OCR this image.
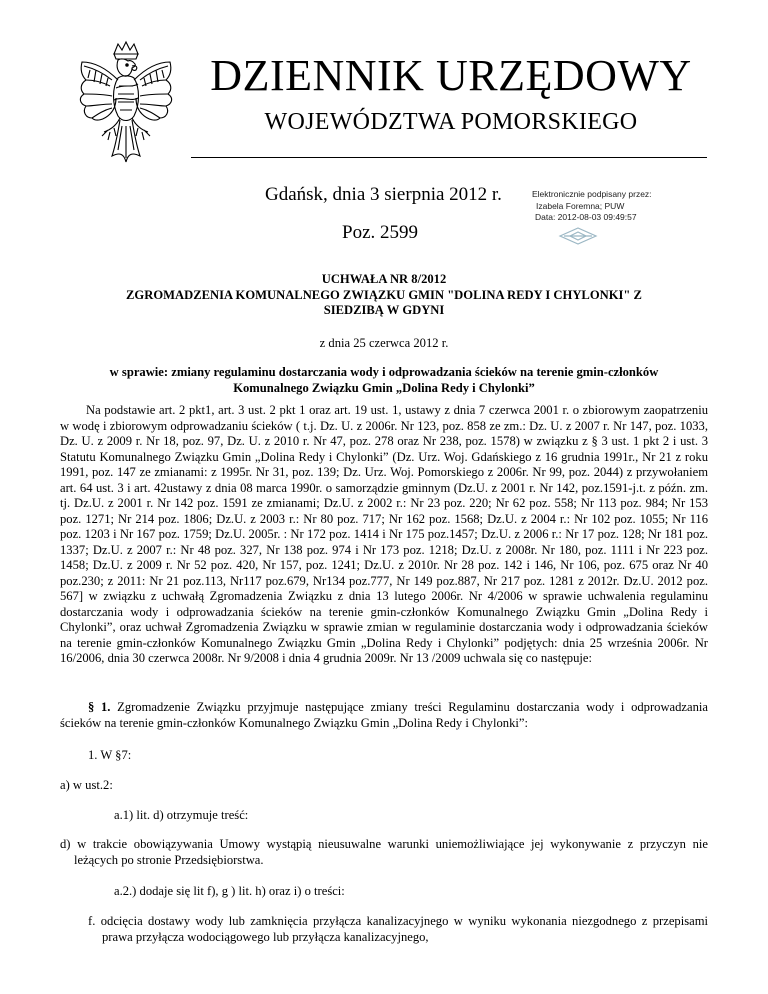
DZIENNIK URZĘDOWY
WOJEWÓDZTWA POMORSKIEGO
Gdańsk, dnia 3 sierpnia 2012 r.
Poz. 2599
Elektronicznie podpisany przez:
Izabela Foremna; PUW
Data: 2012-08-03 09:49:57
UCHWAŁA NR 8/2012
ZGROMADZENIA KOMUNALNEGO ZWIĄZKU GMIN "DOLINA REDY I CHYLONKI" Z
SIEDZIBĄ W GDYNI
z dnia 25 czerwca 2012 r.
w sprawie: zmiany regulaminu dostarczania wody i odprowadzania ścieków na terenie gmin-członków
Komunalnego Związku Gmin „Dolina Redy i Chylonki”
Na podstawie art. 2 pkt1, art. 3 ust. 2 pkt 1 oraz art. 19 ust. 1, ustawy z dnia 7 czerwca 2001 r. o zbiorowym zaopatrzeniu w wodę i zbiorowym odprowadzaniu ścieków ( t.j. Dz. U. z 2006r. Nr 123, poz. 858 ze zm.: Dz. U. z 2007 r. Nr 147, poz. 1033, Dz. U. z 2009 r. Nr 18, poz. 97, Dz. U. z 2010 r. Nr 47, poz. 278 oraz Nr 238, poz. 1578) w związku z § 3 ust. 1 pkt 2 i ust. 3 Statutu Komunalnego Związku Gmin „Dolina Redy i Chylonki” (Dz. Urz. Woj. Gdańskiego z 16 grudnia 1991r., Nr 21 z roku 1991, poz. 147 ze zmianami: z 1995r. Nr 31, poz. 139; Dz. Urz. Woj. Pomorskiego z 2006r. Nr 99, poz. 2044) z przywołaniem art. 64 ust. 3 i art. 42ustawy z dnia 08 marca 1990r. o samorządzie gminnym (Dz.U. z 2001 r. Nr 142, poz.1591-j.t. z późn. zm. tj. Dz.U. z 2001 r. Nr 142 poz. 1591 ze zmianami; Dz.U. z 2002 r.: Nr 23 poz. 220; Nr 62 poz. 558; Nr 113 poz. 984; Nr 153 poz. 1271; Nr 214 poz. 1806; Dz.U. z 2003 r.: Nr 80 poz. 717; Nr 162 poz. 1568; Dz.U. z 2004 r.: Nr 102 poz. 1055; Nr 116 poz. 1203 i Nr 167 poz. 1759; Dz.U. 2005r. : Nr 172 poz. 1414 i Nr 175 poz.1457; Dz.U. z 2006 r.: Nr 17 poz. 128; Nr 181 poz. 1337; Dz.U. z 2007 r.: Nr 48 poz. 327, Nr 138 poz. 974 i Nr 173 poz. 1218; Dz.U. z 2008r. Nr 180, poz. 1111 i Nr 223 poz. 1458; Dz.U. z 2009 r. Nr 52 poz. 420, Nr 157, poz. 1241; Dz.U. z 2010r. Nr 28 poz. 142 i 146, Nr 106, poz. 675 oraz Nr 40 poz.230; z 2011: Nr 21 poz.113, Nr117 poz.679, Nr134 poz.777, Nr 149 poz.887, Nr 217 poz. 1281 z 2012r. Dz.U. 2012 poz. 567] w związku z uchwałą Zgromadzenia Związku z dnia 13 lutego 2006r. Nr 4/2006 w sprawie uchwalenia regulaminu dostarczania wody i odprowadzania ścieków na terenie gmin-członków Komunalnego Związku Gmin „Dolina Redy i Chylonki”, oraz uchwał Zgromadzenia Związku w sprawie zmian w regulaminie dostarczania wody i odprowadzania ścieków na terenie gmin-członków Komunalnego Związku Gmin „Dolina Redy i Chylonki” podjętych: dnia 25 września 2006r. Nr 16/2006, dnia 30 czerwca 2008r. Nr 9/2008 i dnia 4 grudnia 2009r. Nr 13 /2009 uchwala się co następuje:
§ 1. Zgromadzenie Związku przyjmuje następujące zmiany treści Regulaminu dostarczania wody i odprowadzania ścieków na terenie gmin-członków Komunalnego Związku Gmin „Dolina Redy i Chylonki”:
1. W §7:
a) w ust.2:
a.1) lit. d) otrzymuje treść:
d) w trakcie obowiązywania Umowy wystąpią nieusuwalne warunki uniemożliwiające jej wykonywanie z przyczyn nie leżących po stronie Przedsiębiorstwa.
a.2.) dodaje się lit f), g ) lit. h) oraz i) o treści:
f. odcięcia dostawy wody lub zamknięcia przyłącza kanalizacyjnego w wyniku wykonania niezgodnego z przepisami prawa przyłącza wodociągowego lub przyłącza kanalizacyjnego,
